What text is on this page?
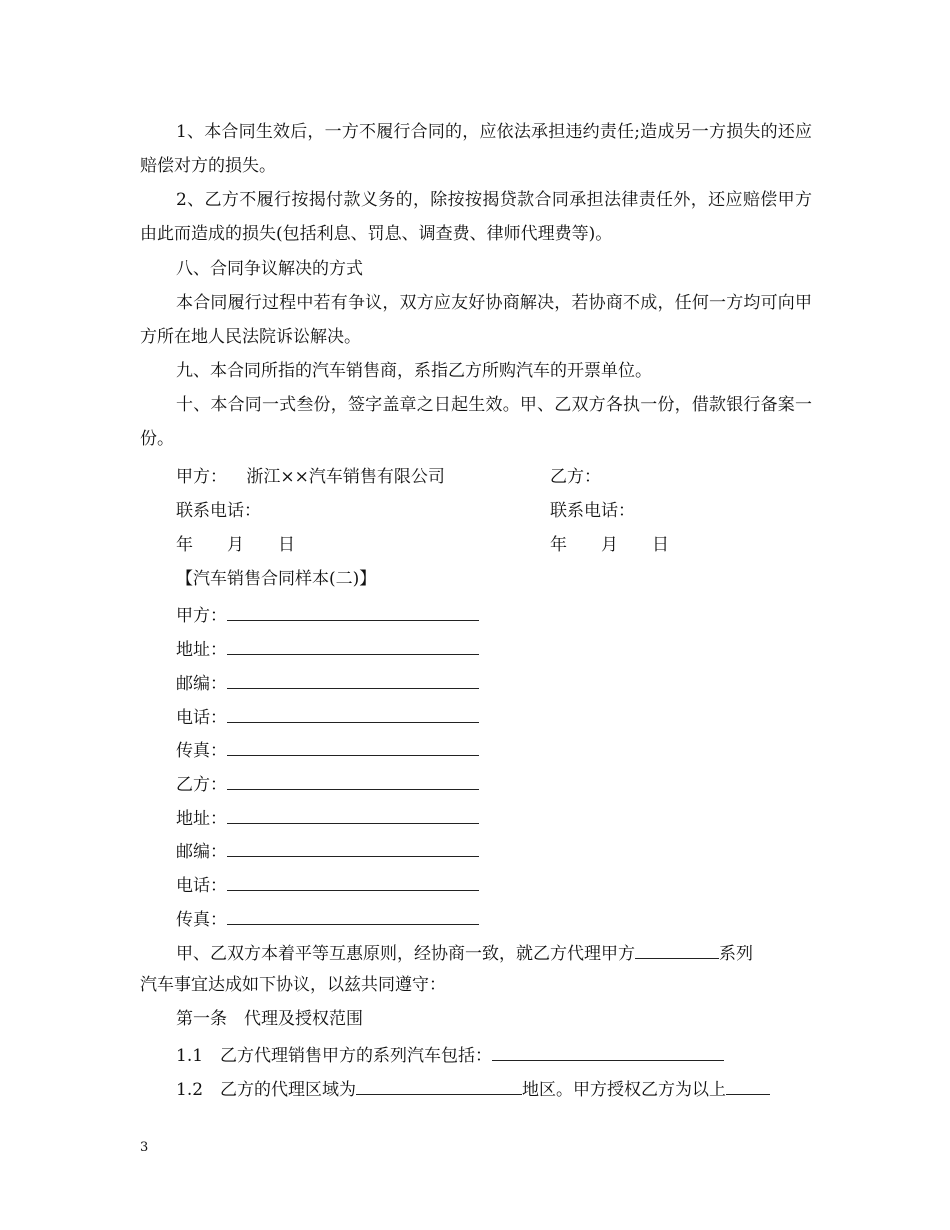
1、本合同生效后，一方不履行合同的，应依法承担违约责任;造成另一方损失的还应赔偿对方的损失。
2、乙方不履行按揭付款义务的，除按按揭贷款合同承担法律责任外，还应赔偿甲方由此而造成的损失(包括利息、罚息、调查费、律师代理费等)。
八、合同争议解决的方式
本合同履行过程中若有争议，双方应友好协商解决，若协商不成，任何一方均可向甲方所在地人民法院诉讼解决。
九、本合同所指的汽车销售商，系指乙方所购汽车的开票单位。
十、本合同一式叁份，签字盖章之日起生效。甲、乙双方各执一份，借款银行备案一份。
甲方： 浙江××汽车销售有限公司	乙方：
联系电话：	联系电话：
年　　月　　日	年　　月　　日
【汽车销售合同样本(二)】
甲方：
地址：
邮编：
电话：
传真：
乙方：
地址：
邮编：
电话：
传真：
甲、乙双方本着平等互惠原则，经协商一致，就乙方代理甲方	系列
汽车事宜达成如下协议，以兹共同遵守：
第一条　代理及授权范围
1.1　乙方代理销售甲方的系列汽车包括：
1.2　乙方的代理区域为	地区。甲方授权乙方为以上
3
